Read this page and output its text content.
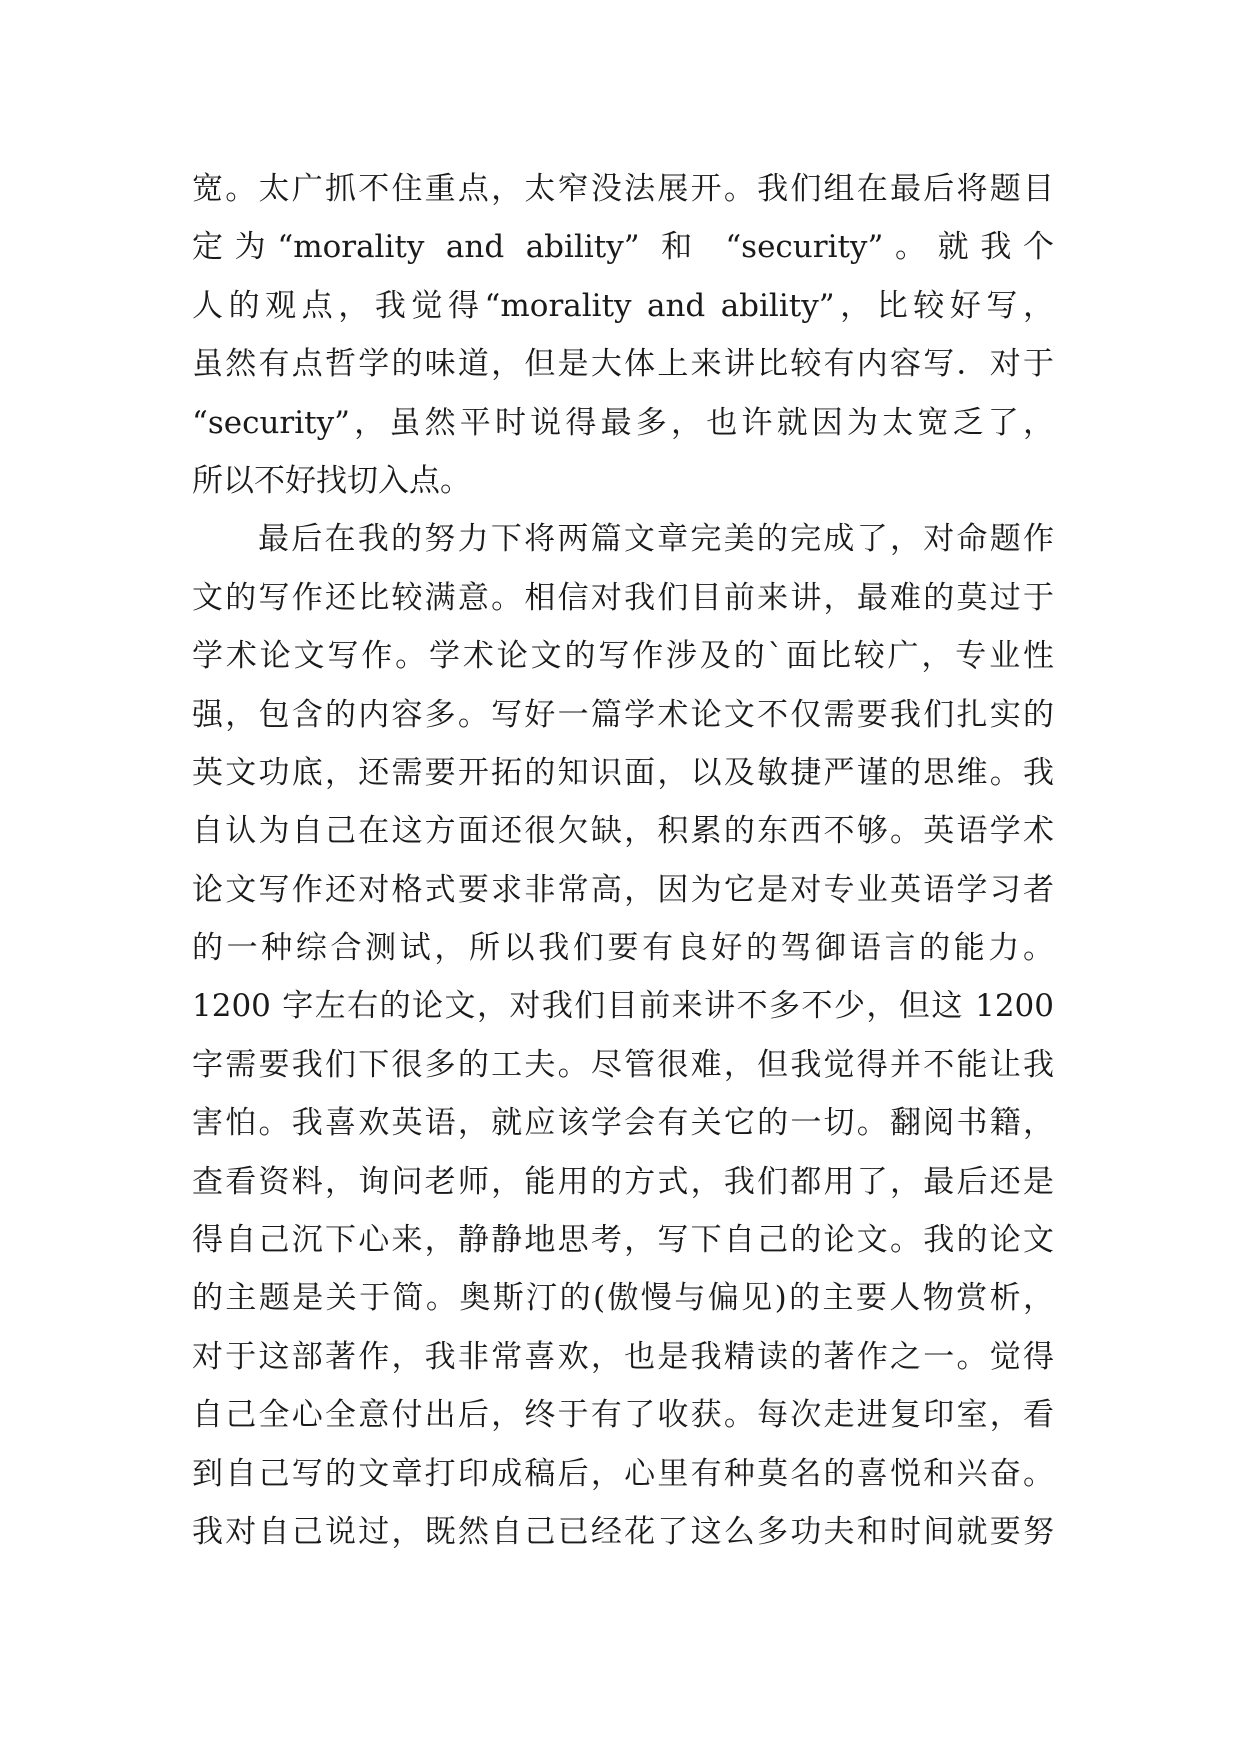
宽。太广抓不住重点，太窄没法展开。我们组在最后将题目
定为“morality and ability” 和 “security”。就我个
人的观点，我觉得“morality and ability”，比较好写，
虽然有点哲学的味道，但是大体上来讲比较有内容写．对于
“security”，虽然平时说得最多，也许就因为太宽乏了，
所以不好找切入点。
最后在我的努力下将两篇文章完美的完成了，对命题作
文的写作还比较满意。相信对我们目前来讲，最难的莫过于
学术论文写作。学术论文的写作涉及的`面比较广，专业性
强，包含的内容多。写好一篇学术论文不仅需要我们扎实的
英文功底，还需要开拓的知识面，以及敏捷严谨的思维。我
自认为自己在这方面还很欠缺，积累的东西不够。英语学术
论文写作还对格式要求非常高，因为它是对专业英语学习者
的一种综合测试，所以我们要有良好的驾御语言的能力。
1200 字左右的论文，对我们目前来讲不多不少，但这 1200
字需要我们下很多的工夫。尽管很难，但我觉得并不能让我
害怕。我喜欢英语，就应该学会有关它的一切。翻阅书籍，
查看资料，询问老师，能用的方式，我们都用了，最后还是
得自己沉下心来，静静地思考，写下自己的论文。我的论文
的主题是关于简。奥斯汀的(傲慢与偏见)的主要人物赏析，
对于这部著作，我非常喜欢，也是我精读的著作之一。觉得
自己全心全意付出后，终于有了收获。每次走进复印室，看
到自己写的文章打印成稿后，心里有种莫名的喜悦和兴奋。
我对自己说过，既然自己已经花了这么多功夫和时间就要努
